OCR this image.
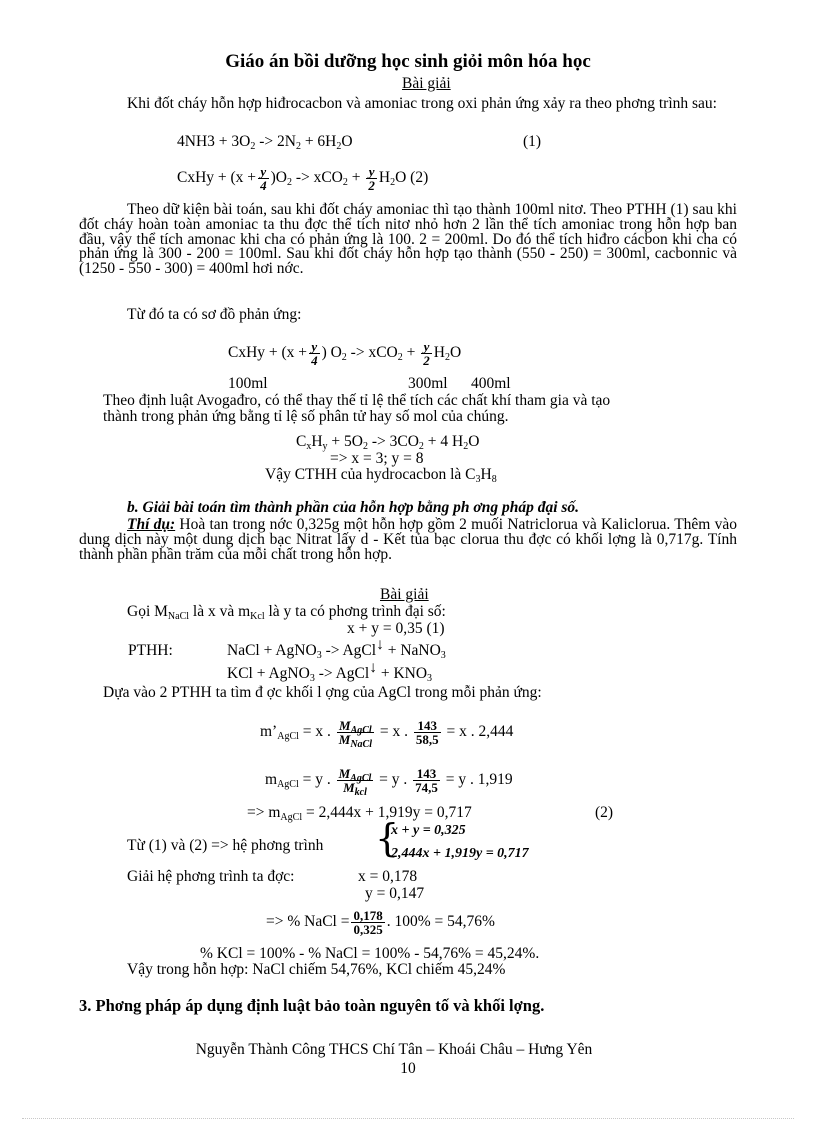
Giáo án bồi dưỡng học sinh giỏi môn hóa học
Bài giải
Khi đốt cháy hỗn hợp hiđrocacbon và amoniac trong oxi phản ứng xảy ra theo phơng trình sau:
$4NH3 + 3O_2 -> 2N_2 + 6H_2O$	(1)
CxHy + $(x + \frac{y}{4} )O_2 -> xCO_2 + \frac{y}{2} H_2O$ (2)
Theo dữ kiện bài toán, sau khi đốt cháy amoniac thì tạo thành 100ml nitơ. Theo PTHH (1) sau khi đốt cháy hoàn toàn amoniac ta thu đợc thể tích nitơ nhỏ hơn 2 lần thể tích amoniac trong hỗn hợp ban đầu, vậy thể tích amonac khi cha có phản ứng là 100. 2 = 200ml. Do đó thể tích hiđro cácbon khi cha có phản ứng là 300 - 200 = 100ml. Sau khi đốt cháy hỗn hợp tạo thành (550 - 250) = 300ml, cacbonnic và (1250 - 550 - 300) = 400ml hơi nớc.
Từ đó ta có sơ đồ phản ứng:
CxHy + ($x + \frac{y}{4}$ ) $O_2 -> xCO_2 + \frac{y}{2} H_2O$
100ml	300ml 400ml
Theo định luật Avogađro, có thể thay thế tỉ lệ thể tích các chất khí tham gia và tạo
thành trong phản ứng bằng tỉ lệ số phân tử hay số mol của chúng.
$C_xH_y + 5O_2 -> 3CO_2 + 4$ $H_2O$
=> x = 3; y = 8
Vậy CTHH của hydrocacbon là $C_3H_8$
b. Giải bài toán tìm thành phần của hỗn hợp bằng ph ơng pháp đại số.
Thí dụ: Hoà tan trong nớc 0,325g một hỗn hợp gồm 2 muối Natriclorua và Kaliclorua. Thêm vào dung dịch này một dung dịch bạc Nitrat lấy d - Kết tủa bạc clorua thu đợc có khối lợng là 0,717g. Tính thành phần phần trăm của mỗi chất trong hỗn hợp.
Bài giải
Gọi $M_{NaCl}$ là x và $m_{Kcl}$ là y ta có phơng trình đại số:
x + y = 0,35 (1)
PTHH:	NaCl + AgNO$_3$ -> AgCl↓ + NaNO$_3$
KCl + AgNO$_3$ -> AgCl↓ + $KNO_3$
Dựa vào 2 PTHH ta tìm đ ợc khối l ợng của AgCl trong mỗi phản ứng:
$m’_{AgCl} = x$ . $M_{AgCl}$
$M_{NaCl}$
= x . $\frac{143}{58,5} = x$ . 2,444
$m_{AgCl} = y$ . $M_{AgCl}$
$M_{kcl}$
= y . $\frac{143}{74,5} = y$ . 1,919
=> $m_{AgCl} = 2,444x + 1,919y = 0,717$	(2)
Từ (1) và (2) => hệ phơng trình {
x + y = 0,325
2,444x + 1,919y = 0,717
Giải hệ phơng trình ta đợc:	x = 0,178
y = 0,147
=> % NaCl = $\frac{0,178}{0,325}$ . 100% = 54,76%
% KCl = 100% - % NaCl = 100% - 54,76% = 45,24%.
Vậy trong hỗn hợp: NaCl chiếm 54,76%, KCl chiếm 45,24%
3. Phơng pháp áp dụng định luật bảo toàn nguyên tố và khối lợng.
Nguyễn Thành Công THCS Chí Tân – Khoái Châu – Hưng Yên
10
